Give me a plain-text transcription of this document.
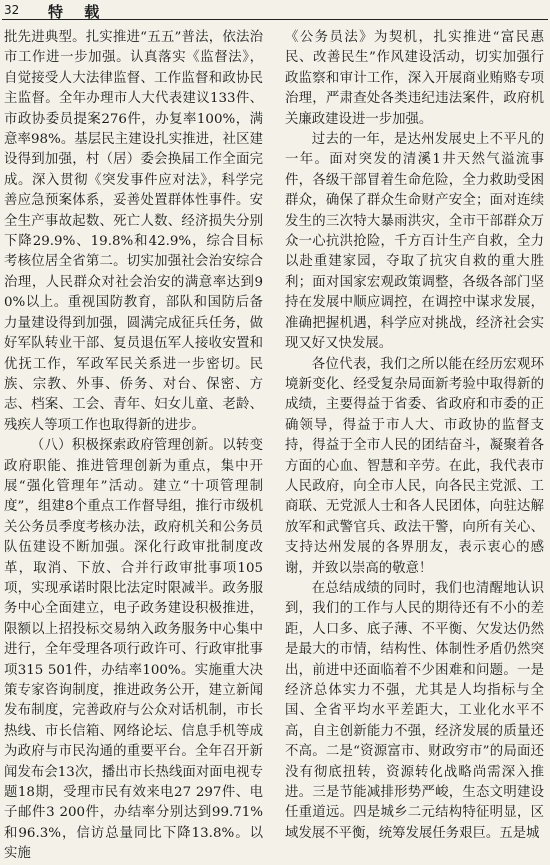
32 特 载

批先进典型。扎实推进“五五”普法，依法治市工作进一步加强。认真落实《监督法》，自觉接受人大法律监督、工作监督和政协民主监督。全年办理市人大代表建议133件、市政协委员提案276件，办复率100%，满意率98%。基层民主建设扎实推进，社区建设得到加强，村（居）委会换届工作全面完成。深入贯彻《突发事件应对法》，科学完善应急预案体系，妥善处置群体性事件。安全生产事故起数、死亡人数、经济损失分别下降29.9%、19.8%和42.9%，综合目标考核位居全省第二。切实加强社会治安综合治理，人民群众对社会治安的满意率达到90%以上。重视国防教育，部队和国防后备力量建设得到加强，圆满完成征兵任务，做好军队转业干部、复员退伍军人接收安置和优抚工作，军政军民关系进一步密切。民族、宗教、外事、侨务、对台、保密、方志、档案、工会、青年、妇女儿童、老龄、残疾人等项工作也取得新的进步。

（八）积极探索政府管理创新。以转变政府职能、推进管理创新为重点，集中开展“强化管理年”活动。建立“十项管理制度”，组建8个重点工作督导组，推行市级机关公务员季度考核办法，政府机关和公务员队伍建设不断加强。深化行政审批制度改革，取消、下放、合并行政审批事项105项，实现承诺时限比法定时限减半。政务服务中心全面建立，电子政务建设积极推进，限额以上招投标交易纳入政务服务中心集中进行，全年受理各项行政许可、行政审批事项315 501件，办结率100%。实施重大决策专家咨询制度，推进政务公开，建立新闻发布制度，完善政府与公众对话机制，市长热线、市长信箱、网络论坛、信息手机等成为政府与市民沟通的重要平台。全年召开新闻发布会13次，播出市长热线面对面电视专题18期，受理市民有效来电27 297件、电子邮件3 200件，办结率分别达到99.71%和96.3%，信访总量同比下降13.8%。以实施

《公务员法》为契机，扎实推进“富民惠民、改善民生”作风建设活动，切实加强行政监察和审计工作，深入开展商业贿赂专项治理，严肃查处各类违纪违法案件，政府机关廉政建设进一步加强。

过去的一年，是达州发展史上不平凡的一年。面对突发的清溪1井天然气溢流事件，各级干部冒着生命危险，全力救助受困群众，确保了群众生命财产安全；面对连续发生的三次特大暴雨洪灾，全市干部群众万众一心抗洪抢险，千方百计生产自救，全力以赴重建家园，夺取了抗灾自救的重大胜利；面对国家宏观政策调整，各级各部门坚持在发展中顺应调控，在调控中谋求发展，准确把握机遇，科学应对挑战，经济社会实现又好又快发展。

各位代表，我们之所以能在经历宏观环境新变化、经受复杂局面新考验中取得新的成绩，主要得益于省委、省政府和市委的正确领导，得益于市人大、市政协的监督支持，得益于全市人民的团结奋斗，凝聚着各方面的心血、智慧和辛劳。在此，我代表市人民政府，向全市人民，向各民主党派、工商联、无党派人士和各人民团体，向驻达解放军和武警官兵、政法干警，向所有关心、支持达州发展的各界朋友，表示衷心的感谢，并致以崇高的敬意！

在总结成绩的同时，我们也清醒地认识到，我们的工作与人民的期待还有不小的差距，人口多、底子薄、不平衡、欠发达仍然是最大的市情，结构性、体制性矛盾仍然突出，前进中还面临着不少困难和问题。一是经济总体实力不强，尤其是人均指标与全国、全省平均水平差距大，工业化水平不高，自主创新能力不强，经济发展的质量还不高。二是“资源富市、财政穷市”的局面还没有彻底扭转，资源转化战略尚需深入推进。三是节能减排形势严峻，生态文明建设任重道远。四是城乡二元结构特征明显，区域发展不平衡，统筹发展任务艰巨。五是城
